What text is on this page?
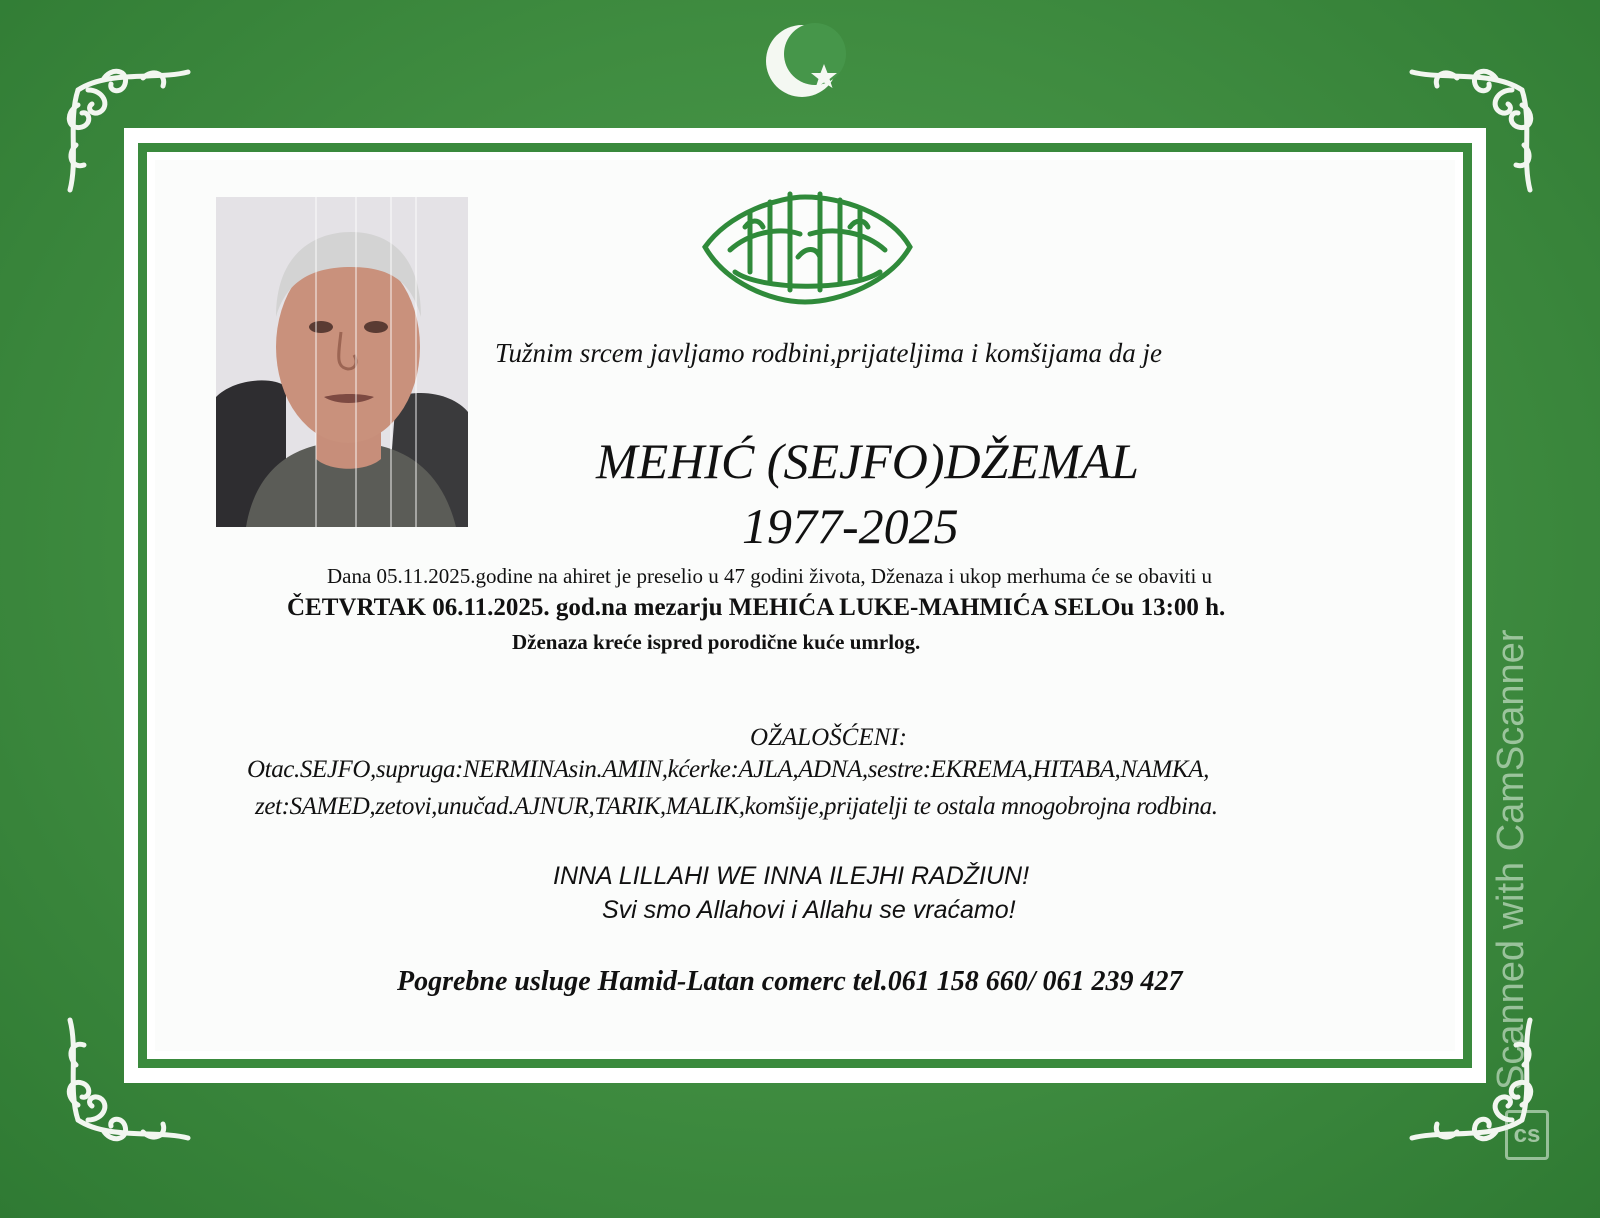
Tužnim srcem javljamo rodbini,prijateljima i komšijama da je
MEHIĆ (SEJFO)DŽEMAL
1977-2025
Dana 05.11.2025.godine na ahiret je preselio u 47 godini života, Dženaza i ukop merhuma će se obaviti u
ČETVRTAK 06.11.2025. god.na mezarju MEHIĆA LUKE-MAHMIĆA SELOu 13:00 h.
Dženaza kreće ispred porodične kuće umrlog.
OŽALOŠĆENI:
Otac.SEJFO,supruga:NERMINAsin.AMIN,kćerke:AJLA,ADNA,sestre:EKREMA,HITABA,NAMKA,
zet:SAMED,zetovi,unučad.AJNUR,TARIK,MALIK,komšije,prijatelji te ostala mnogobrojna rodbina.
INNA LILLAHI WE INNA ILEJHI RADŽIUN!
Svi smo Allahovi i Allahu se vraćamo!
Pogrebne usluge Hamid-Latan comerc tel.061 158 660/ 061 239 427	Scanned with CamScanner
cs
